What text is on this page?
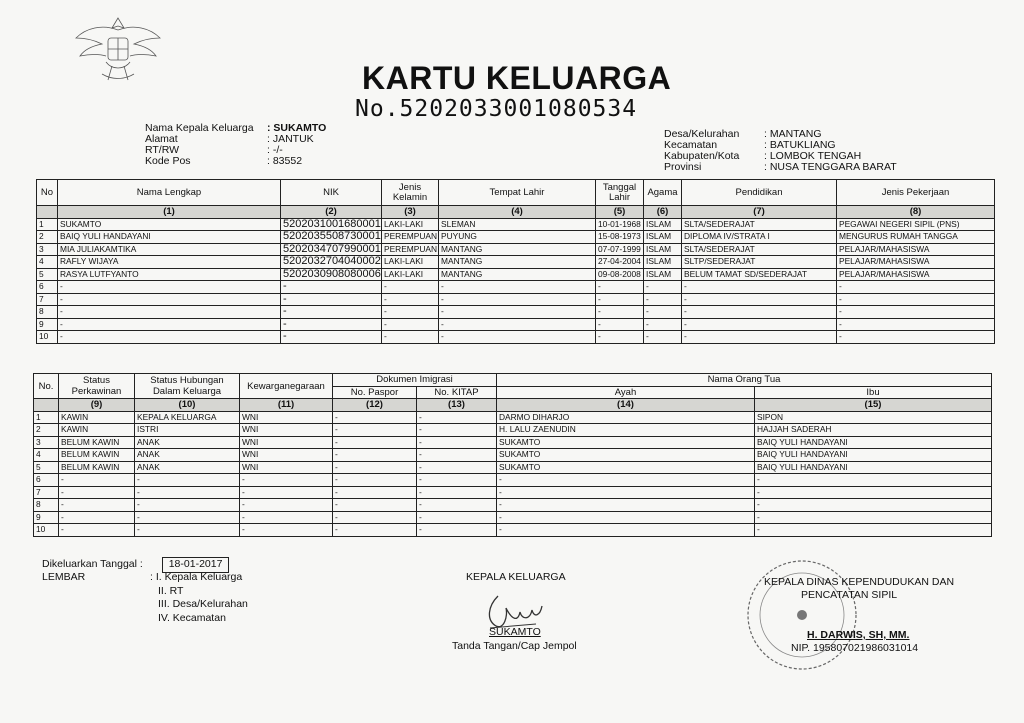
KARTU KELUARGA
No.5202033001080534
Nama Kepala Keluarga	: SUKAMTO
Alamat	: JANTUK
RT/RW	: -/-
Kode Pos	: 83552
Desa/Kelurahan	: MANTANG
Kecamatan	: BATUKLIANG
Kabupaten/Kota	: LOMBOK TENGAH
Provinsi	: NUSA TENGGARA BARAT
No	Nama Lengkap	NIK	Jenis Kelamin	Tempat Lahir	Tanggal Lahir	Agama	Pendidikan	Jenis Pekerjaan
	(1)	(2)	(3)	(4)	(5)	(6)	(7)	(8)
1	SUKAMTO	5202031001680001	LAKI-LAKI	SLEMAN	10-01-1968	ISLAM	SLTA/SEDERAJAT	PEGAWAI NEGERI SIPIL (PNS)
2	BAIQ YULI HANDAYANI	5202035508730001	PEREMPUAN	PUYUNG	15-08-1973	ISLAM	DIPLOMA IV/STRATA I	MENGURUS RUMAH TANGGA
3	MIA JULIAKAMTIKA	5202034707990001	PEREMPUAN	MANTANG	07-07-1999	ISLAM	SLTA/SEDERAJAT	PELAJAR/MAHASISWA
4	RAFLY WIJAYA	5202032704040002	LAKI-LAKI	MANTANG	27-04-2004	ISLAM	SLTP/SEDERAJAT	PELAJAR/MAHASISWA
5	RASYA LUTFYANTO	5202030908080006	LAKI-LAKI	MANTANG	09-08-2008	ISLAM	BELUM TAMAT SD/SEDERAJAT	PELAJAR/MAHASISWA
6	-	-	-	-	-	-	-	-
7	-	-	-	-	-	-	-	-
8	-	-	-	-	-	-	-	-
9	-	-	-	-	-	-	-	-
10	-	-	-	-	-	-	-	-
No.	Status Perkawinan	Status Hubungan Dalam Keluarga	Kewarganegaraan	Dokumen Imigrasi		Nama Orang Tua	
				No. Paspor	No. KITAP	Ayah	Ibu
	(9)	(10)	(11)	(12)	(13)	(14)	(15)
1	KAWIN	KEPALA KELUARGA	WNI	-	-	DARMO DIHARJO	SIPON
2	KAWIN	ISTRI	WNI	-	-	H. LALU ZAENUDIN	HAJJAH SADERAH
3	BELUM KAWIN	ANAK	WNI	-	-	SUKAMTO	BAIQ YULI HANDAYANI
4	BELUM KAWIN	ANAK	WNI	-	-	SUKAMTO	BAIQ YULI HANDAYANI
5	BELUM KAWIN	ANAK	WNI	-	-	SUKAMTO	BAIQ YULI HANDAYANI
6	-	-	-	-	-	-	-
7	-	-	-	-	-	-	-
8	-	-	-	-	-	-	-
9	-	-	-	-	-	-	-
10	-	-	-	-	-	-	-
Dikeluarkan Tanggal : 18-01-2017
LEMBAR	: I. Kepala Keluarga
II. RT
III. Desa/Kelurahan
IV. Kecamatan
KEPALA KELUARGA
SUKAMTO
Tanda Tangan/Cap Jempol
KEPALA DINAS KEPENDUDUKAN DAN
PENCATATAN SIPIL
H. DARWIS, SH, MM.
NIP. 195807021986031014
